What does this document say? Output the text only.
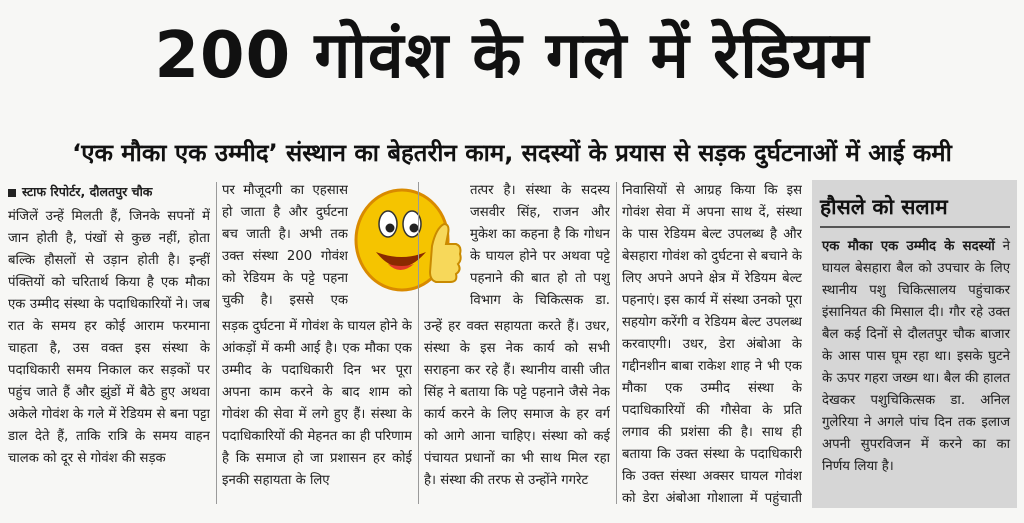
200 गोवंश के गले में रेडियम
‘एक मौका एक उम्मीद’ संस्थान का बेहतरीन काम, सदस्यों के प्रयास से सड़क दुर्घटनाओं में आई कमी
स्टाफ रिपोर्टर, दौलतपुर चौक

मंजिलें उन्हें मिलती हैं, जिनके सपनों में जान होती है, पंखों से कुछ नहीं, होता बल्कि हौसलों से उड़ान होती है। इन्हीं पंक्तियों को चरितार्थ किया है एक मौका एक उम्मीद संस्था के पदाधिकारियों ने। जब रात के समय हर कोई आराम फरमाना चाहता है, उस वक्त इस संस्था के पदाधिकारी समय निकाल कर सड़कों पर पहुंच जाते हैं और झुंडों में बैठे हुए अथवा अकेले गोवंश के गले में रेडियम से बना पट्टा डाल देते हैं, ताकि रात्रि के समय वाहन चालक को दूर से गोवंश की सड़क

पर मौजूदगी का एहसास हो जाता है और दुर्घटना बच जाती है। अभी तक उक्त संस्था 200 गोवंश को रेडियम के पट्टे पहना चुकी है। इससे एक

सड़क दुर्घटना में गोवंश के घायल होने के आंकड़ों में कमी आई है। एक मौका एक उम्मीद के पदाधिकारी दिन भर पूरा अपना काम करने के बाद शाम को गोवंश की सेवा में लगे हुए हैं। संस्था के पदाधिकारियों की मेहनत का ही परिणाम है कि समाज हो जा प्रशासन हर कोई इनकी सहायता के लिए

तत्पर है। संस्था के सदस्य जसवीर सिंह, राजन और मुकेश का कहना है कि गोधन के घायल होने पर अथवा पट्टे पहनाने की बात हो तो पशु विभाग के चिकित्सक डा.

उन्हें हर वक्त सहायता करते हैं। उधर, संस्था के इस नेक कार्य को सभी सराहना कर रहे हैं। स्थानीय वासी जीत सिंह ने बताया कि पट्टे पहनाने जैसे नेक कार्य करने के लिए समाज के हर वर्ग को आगे आना चाहिए। संस्था को कई पंचायत प्रधानों का भी साथ मिल रहा है। संस्था की तरफ से उन्होंने गगरेट

निवासियों से आग्रह किया कि इस गोवंश सेवा में अपना साथ दें, संस्था के पास रेडियम बेल्ट उपलब्ध है और बेसहारा गोवंश को दुर्घटना से बचाने के लिए अपने अपने क्षेत्र में रेडियम बेल्ट पहनाएं। इस कार्य में संस्था उनको पूरा सहयोग करेंगी व रेडियम बेल्ट उपलब्ध करवाएगी। उधर, डेरा अंबोआ के गद्दीनशीन बाबा राकेश शाह ने भी एक मौका एक उम्मीद संस्था के पदाधिकारियों की गौसेवा के प्रति लगाव की प्रशंसा की है। साथ ही बताया कि उक्त संस्था के पदाधिकारी कि उक्त संस्था अक्सर घायल गोवंश को डेरा अंबोआ गोशाला में पहुंचाती

हौसले को सलाम
एक मौका एक उम्मीद के सदस्यों ने घायल बेसहारा बैल को उपचार के लिए स्थानीय पशु चिकित्सालय पहुंचाकर इंसानियत की मिसाल दी। गौर रहे उक्त बैल कई दिनों से दौलतपुर चौक बाजार के आस पास घूम रहा था। इसके घुटने के ऊपर गहरा जख्म था। बैल की हालत देखकर पशुचिकित्सक डा. अनिल गुलेरिया ने अगले पांच दिन तक इलाज अपनी सुपरविजन में करने का का निर्णय लिया है।
